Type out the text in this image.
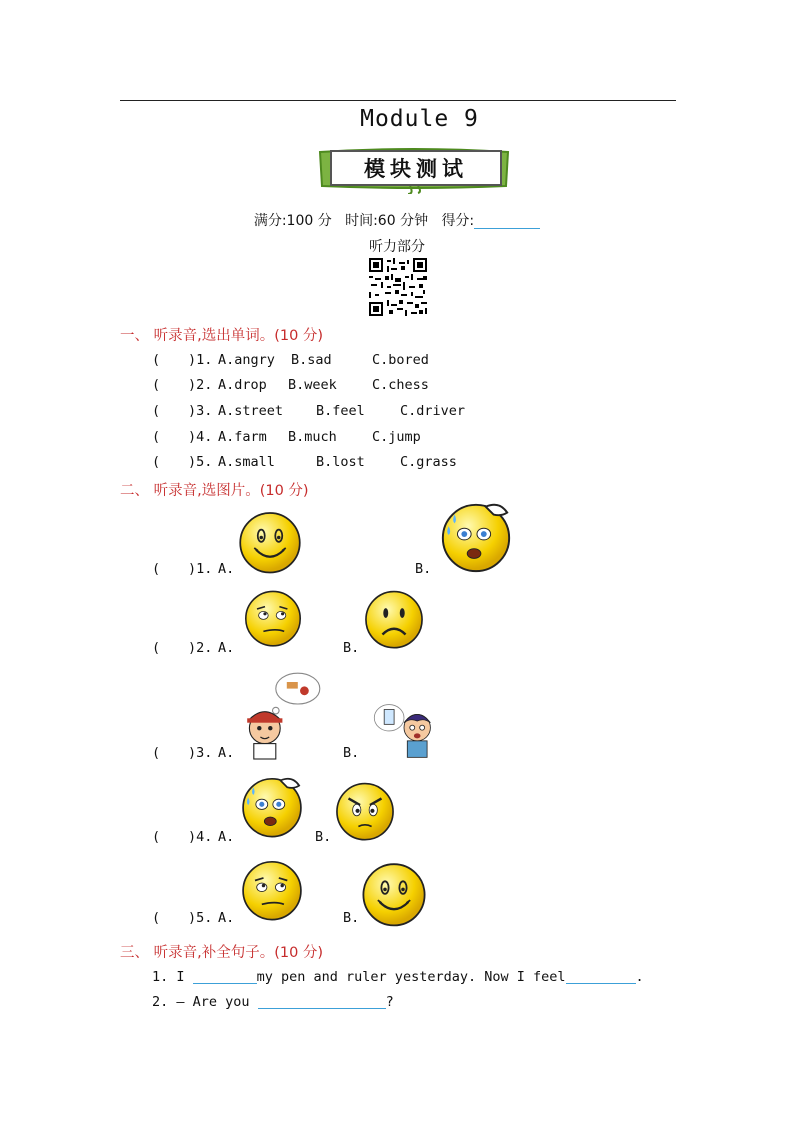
Module 9
模块测试
满分:100 分 时间:60 分钟 得分:
听力部分
一、 听录音,选出单词。(10 分)
( )1. A.angry B.sad	C.bored
( )2. A.drop B.week	C.chess
( )3. A.street B.feel	C.driver
( )4. A.farm B.much	C.jump
( )5. A.small	B.lost	C.grass
二、 听录音,选图片。(10 分)
( )1. A.	B.
( )2. A.	B.
( )3. A.	B.
( )4. A.	B.
( )5. A.	B.
三、 听录音,补全句子。(10 分)
1. I	my pen and ruler yesterday. Now I feel	.
2. — Are you	?
